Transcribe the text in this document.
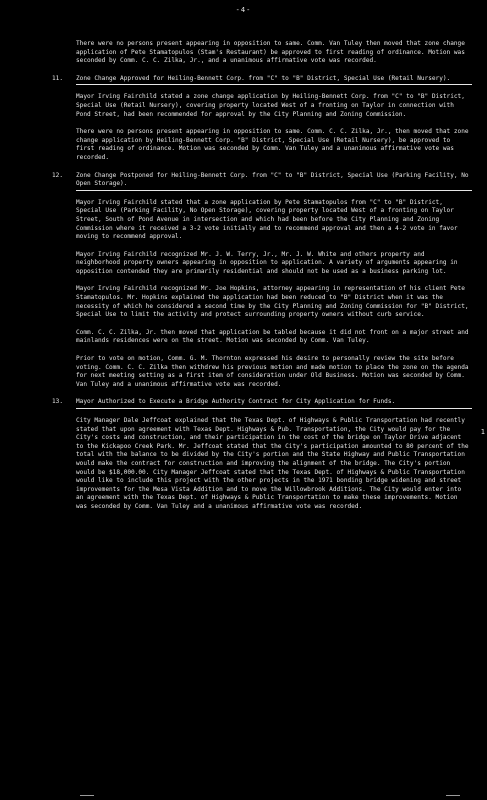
-4-
There were no persons present appearing in opposition to same. Comm. Van Tuley then moved that zone change application of Pete Stamatopulos (Stam's Restaurant) be approved to first reading of ordinance. Motion was seconded by Comm. C. C. Zilka, Jr., and a unanimous affirmative vote was recorded.
11.	Zone Change Approved for Heiling-Bennett Corp. from "C" to "B" District, Special Use (Retail Nursery).
Mayor Irving Fairchild stated a zone change application by Heiling-Bennett Corp. from "C" to "B" District, Special Use (Retail Nursery), covering property located West of a fronting on Taylor in connection with Pond Street, had been recommended for approval by the City Planning and Zoning Commission.
There were no persons present appearing in opposition to same. Comm. C. C. Zilka, Jr., then moved that zone change application by Heiling-Bennett Corp. "B" District, Special Use (Retail Nursery), be approved to first reading of ordinance. Motion was seconded by Comm. Van Tuley and a unanimous affirmative vote was recorded.
12.	Zone Change Postponed for Heiling-Bennett Corp. from "C" to "B" District, Special Use (Parking Facility, No Open Storage).
Mayor Irving Fairchild stated that a zone application by Pete Stamatopulos from "C" to "B" District, Special Use (Parking Facility, No Open Storage), covering property located West of a fronting on Taylor Street, South of Pond Avenue in intersection and which had been before the City Planning and Zoning Commission where it received a 3-2 vote initially and to recommend approval and then a 4-2 vote in favor moving to recommend approval.
Mayor Irving Fairchild recognized Mr. J. W. Terry, Jr., Mr. J. W. White and others property and neighborhood property owners appearing in opposition to application. A variety of arguments appearing in opposition contended they are primarily residential and should not be used as a business parking lot.
Mayor Irving Fairchild recognized Mr. Joe Hopkins, attorney appearing in representation of his client Pete Stamatopulos. Mr. Hopkins explained the application had been reduced to "B" District when it was the necessity of which he considered a second time by the City Planning and Zoning Commission for "B" District, Special Use to limit the activity and protect surrounding property owners without curb service.
Comm. C. C. Zilka, Jr. then moved that application be tabled because it did not front on a major street and mainlands residences were on the street. Motion was seconded by Comm. Van Tuley.
Prior to vote on motion, Comm. G. M. Thornton expressed his desire to personally review the site before voting. Comm. C. C. Zilka then withdrew his previous motion and made motion to place the zone on the agenda for next meeting setting as a first item of consideration under Old Business. Motion was seconded by Comm. Van Tuley and a unanimous affirmative vote was recorded.
13.	Mayor Authorized to Execute a Bridge Authority Contract for City Application for Funds.
City Manager Dale Jeffcoat explained that the Texas Dept. of Highways & Public Transportation had recently stated that upon agreement with Texas Dept. Highways & Pub. Transportation, the City would pay for the City's costs and construction, and their participation in the cost of the bridge on Taylor Drive adjacent to the Kickapoo Creek Park. Mr. Jeffcoat stated that the City's participation amounted to 80 percent of the total with the balance to be divided by the City's portion and the State Highway and Public Transportation would make the contract for construction and improving the alignment of the bridge. The City's portion would be $18,000.00. City Manager Jeffcoat stated that the Texas Dept. of Highways & Public Transportation would like to include this project with the other projects in the 1971 bonding bridge widening and street improvements for the Mesa Vista Addition and to move the Willowbrook Additions. The City would enter into an agreement with the Texas Dept. of Highways & Public Transportation to make these improvements. Motion was seconded by Comm. Van Tuley and a unanimous affirmative vote was recorded.
1
